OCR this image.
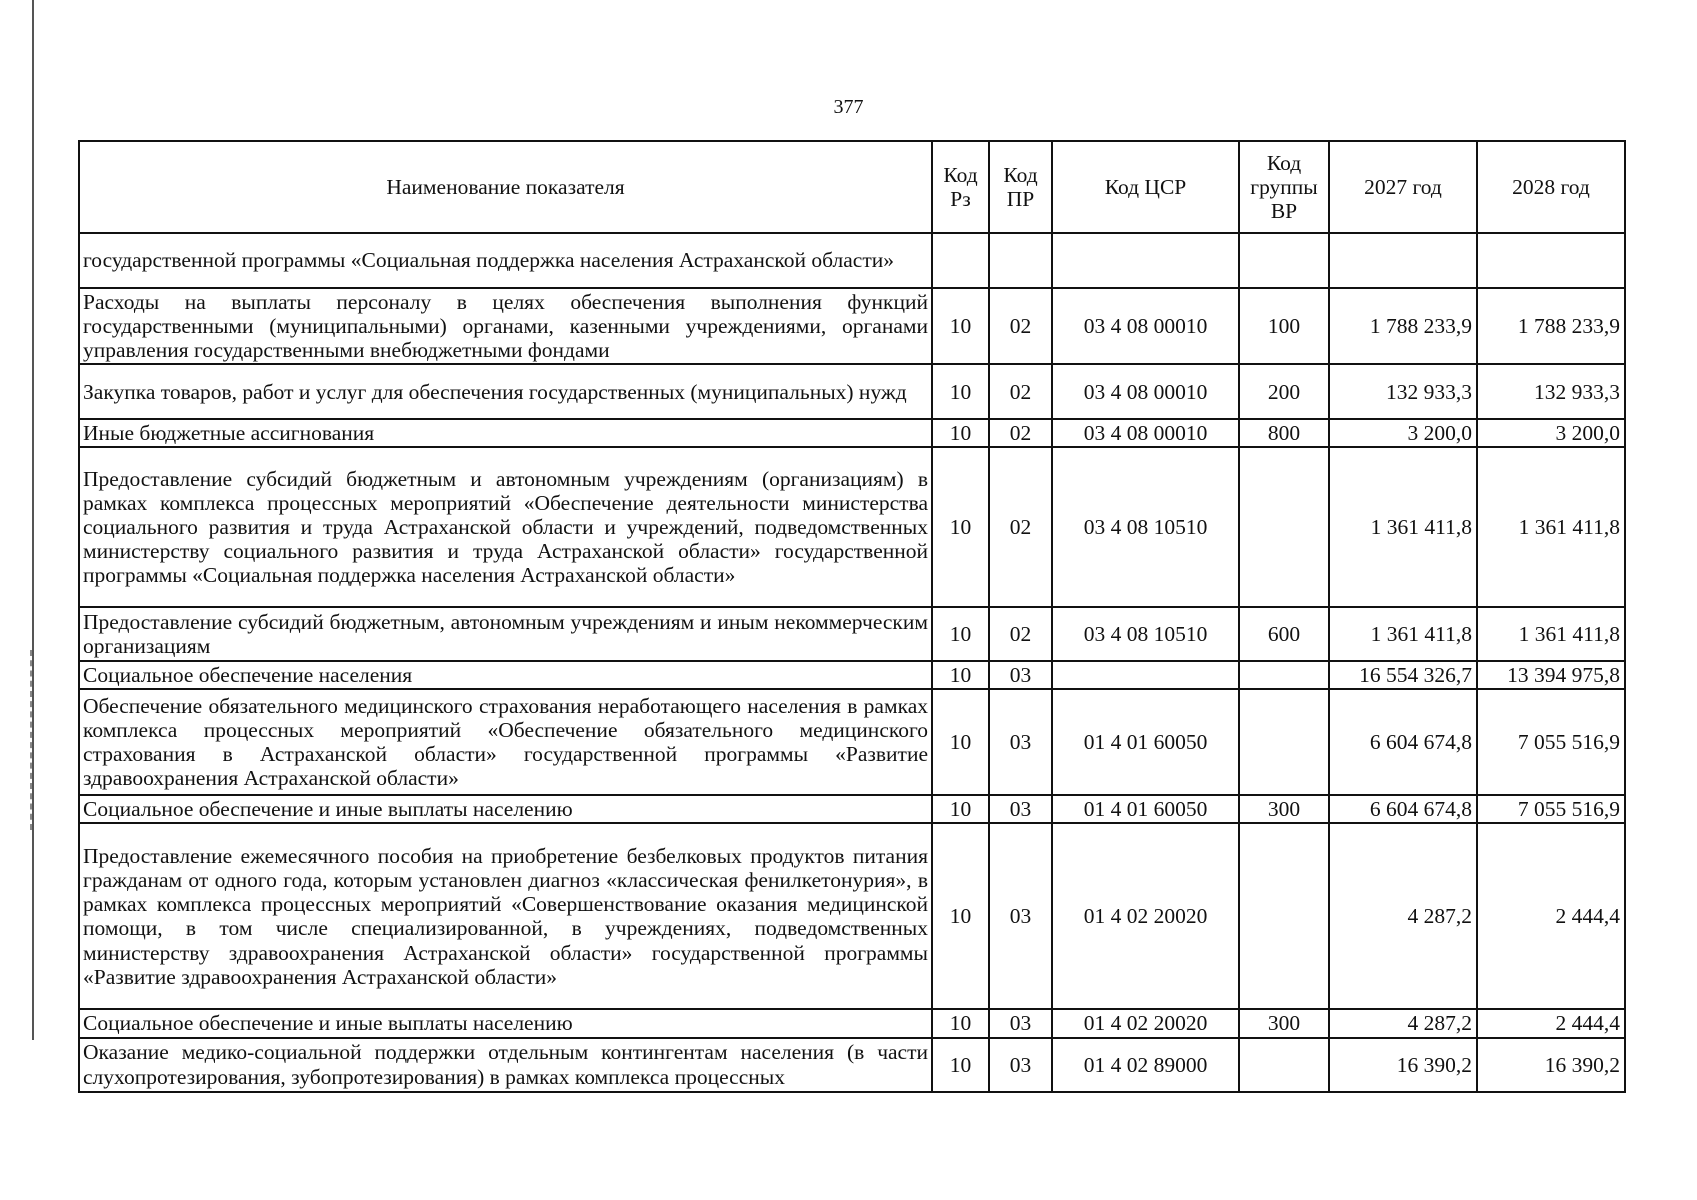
377
Наименование показателя	Код Рз	Код ПР	Код ЦСР	Код группы ВР	2027 год	2028 год
государственной программы «Социальная поддержка населения Астраханской области»						
Расходы на выплаты персоналу в целях обеспечения выполнения функций государственными (муниципальными) органами, казенными учреждениями, органами управления государственными внебюджетными фондами	10	02	03 4 08 00010	100	1 788 233,9	1 788 233,9
Закупка товаров, работ и услуг для обеспечения государственных (муниципальных) нужд	10	02	03 4 08 00010	200	132 933,3	132 933,3
Иные бюджетные ассигнования	10	02	03 4 08 00010	800	3 200,0	3 200,0
Предоставление субсидий бюджетным и автономным учреждениям (организациям) в рамках комплекса процессных мероприятий «Обеспечение деятельности министерства социального развития и труда Астраханской области и учреждений, подведомственных министерству социального развития и труда Астраханской области» государственной программы «Социальная поддержка населения Астраханской области»	10	02	03 4 08 10510		1 361 411,8	1 361 411,8
Предоставление субсидий бюджетным, автономным учреждениям и иным некоммерческим организациям	10	02	03 4 08 10510	600	1 361 411,8	1 361 411,8
Социальное обеспечение населения	10	03			16 554 326,7	13 394 975,8
Обеспечение обязательного медицинского страхования неработающего населения в рамках комплекса процессных мероприятий «Обеспечение обязательного медицинского страхования в Астраханской области» государственной программы «Развитие здравоохранения Астраханской области»	10	03	01 4 01 60050		6 604 674,8	7 055 516,9
Социальное обеспечение и иные выплаты населению	10	03	01 4 01 60050	300	6 604 674,8	7 055 516,9
Предоставление ежемесячного пособия на приобретение безбелковых продуктов питания гражданам от одного года, которым установлен диагноз «классическая фенилкетонурия», в рамках комплекса процессных мероприятий «Совершенствование оказания медицинской помощи, в том числе специализированной, в учреждениях, подведомственных министерству здравоохранения Астраханской области» государственной программы «Развитие здравоохранения Астраханской области»	10	03	01 4 02 20020		4 287,2	2 444,4
Социальное обеспечение и иные выплаты населению	10	03	01 4 02 20020	300	4 287,2	2 444,4
Оказание медико-социальной поддержки отдельным контингентам населения (в части слухопротезирования, зубопротезирования) в рамках комплекса процессных	10	03	01 4 02 89000		16 390,2	16 390,2
